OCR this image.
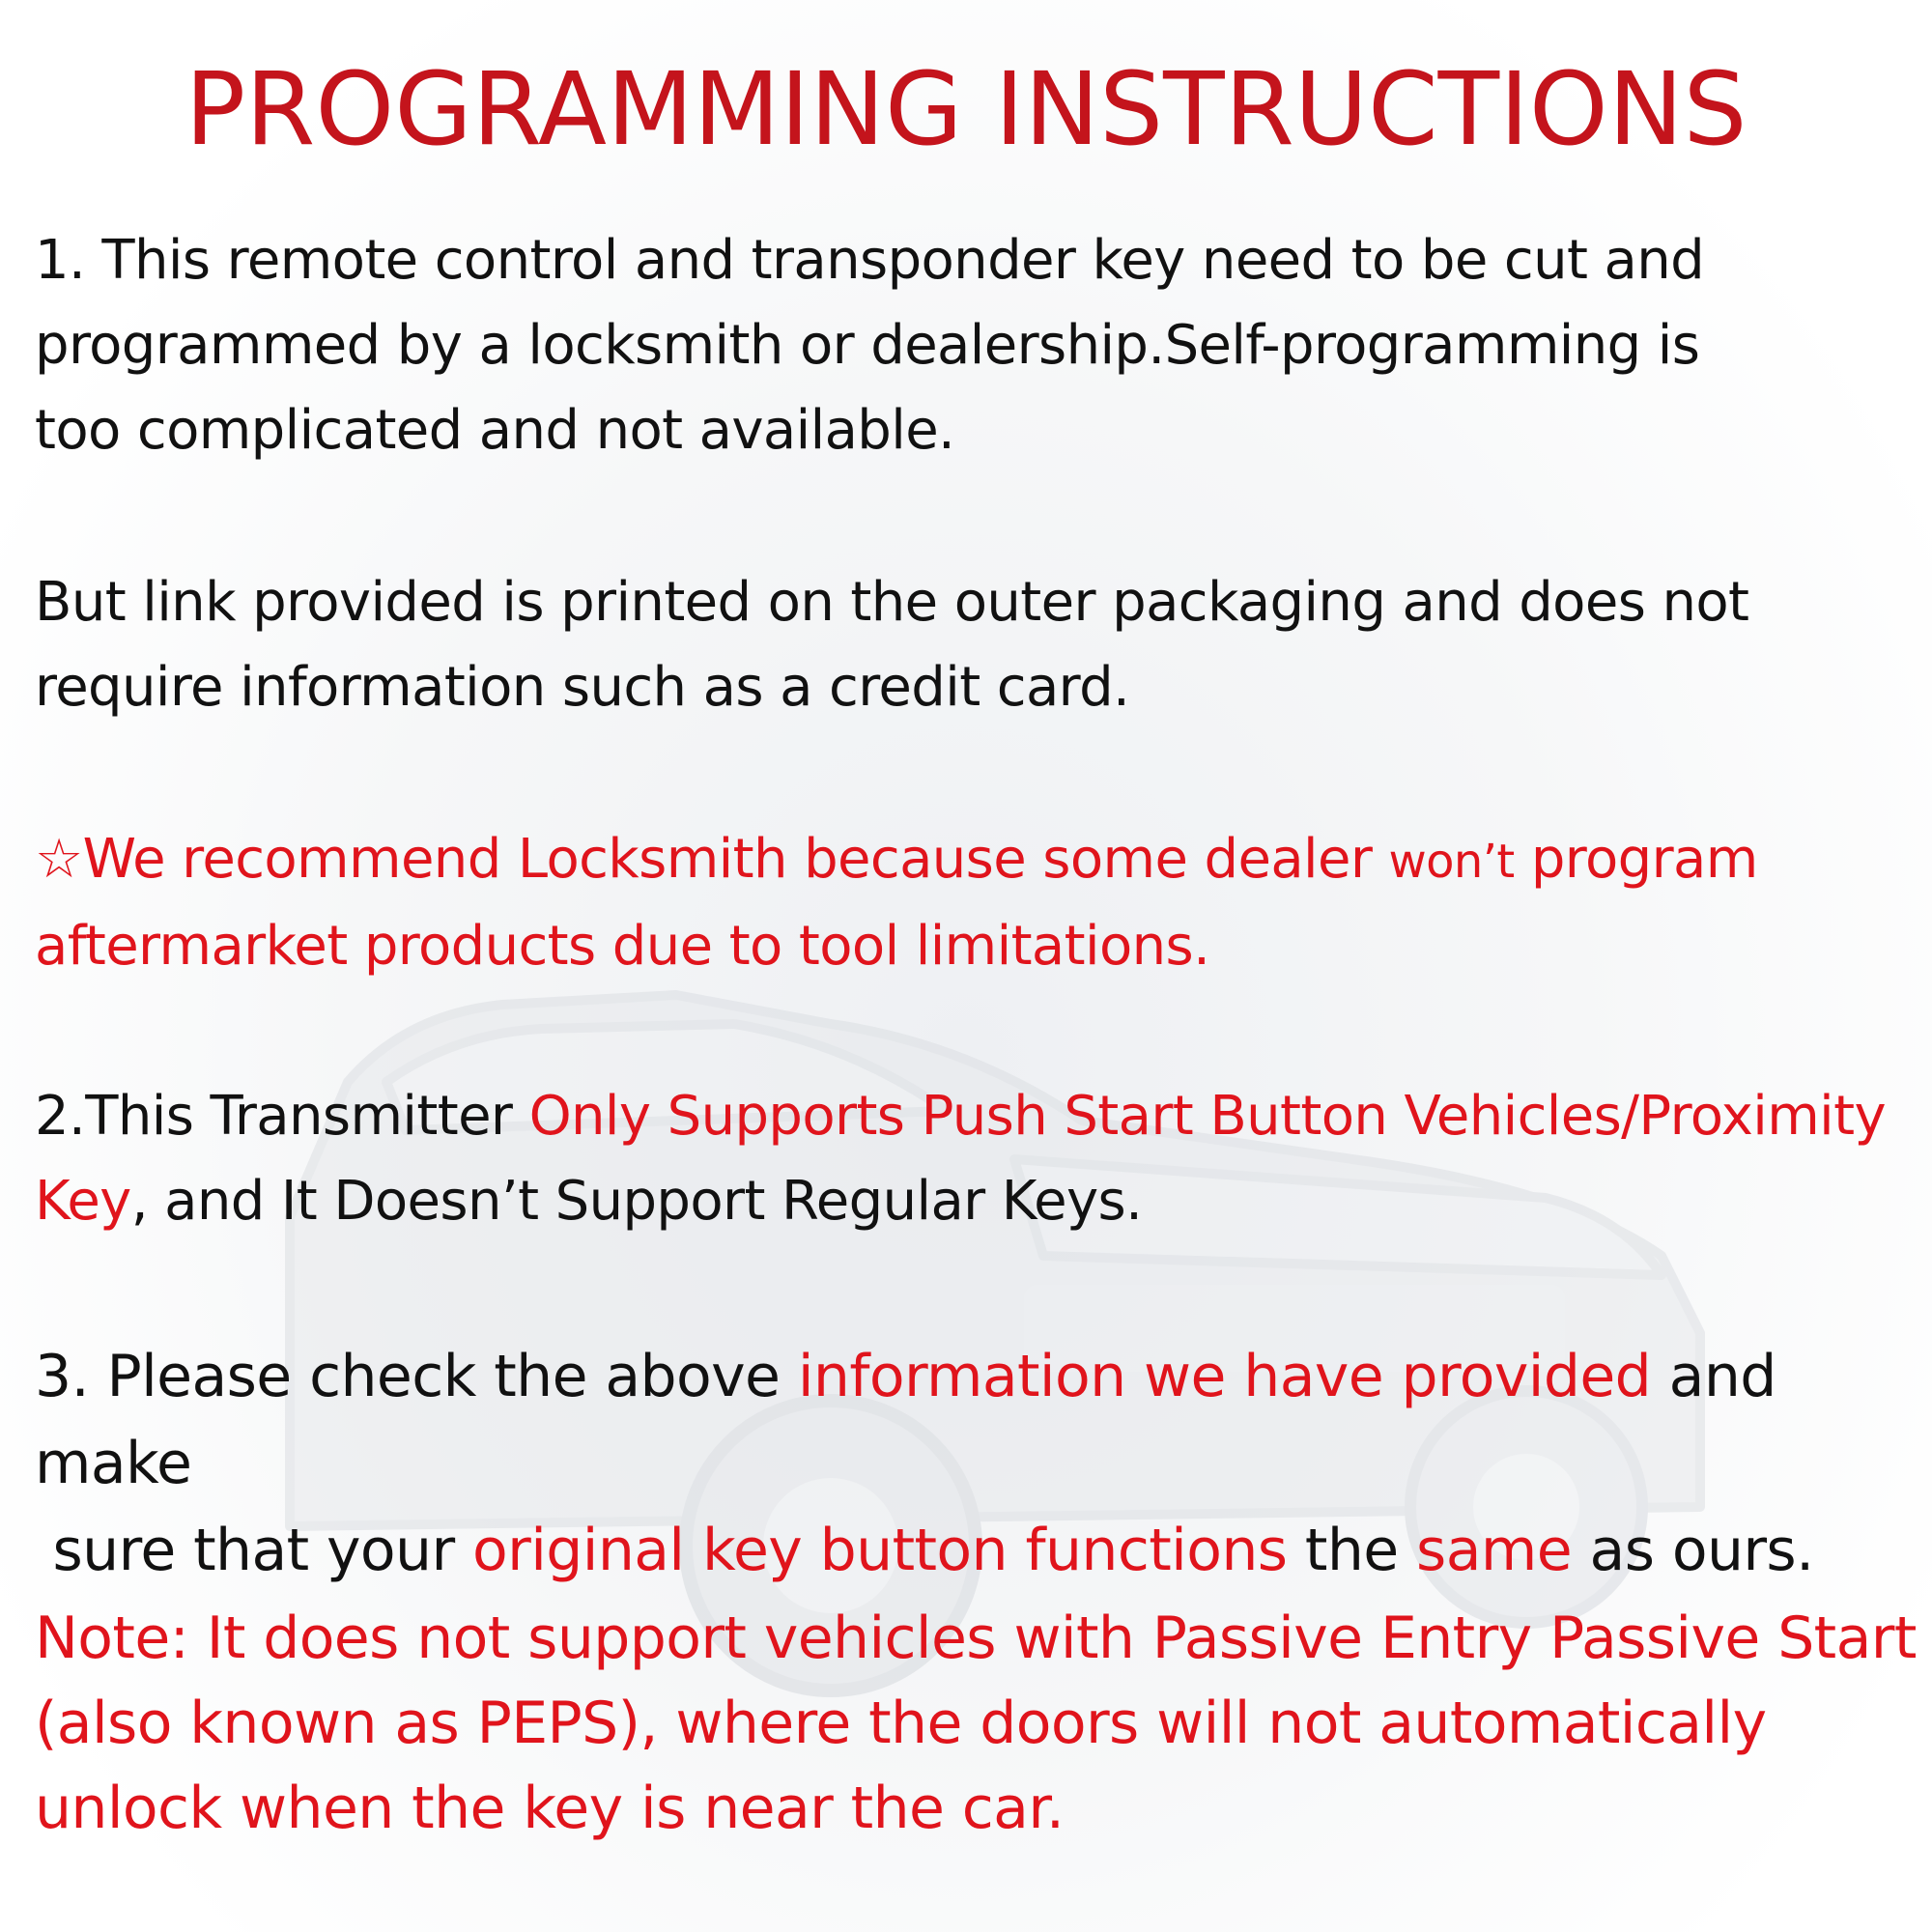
PROGRAMMING INSTRUCTIONS

1. This remote control and transponder key need to be cut and
programmed by a locksmith or dealership.Self-programming is
too complicated and not available.

But link provided is printed on the outer packaging and does not
require information such as a credit card.

☆We recommend Locksmith because some dealer won’t program
aftermarket products due to tool limitations.

2.This Transmitter Only Supports Push Start Button Vehicles/Proximity
Key, and It Doesn’t Support Regular Keys.

3. Please check the above information we have provided and make
sure that your original key button functions the same as ours.

Note: It does not support vehicles with Passive Entry Passive Start
(also known as PEPS), where the doors will not automatically
unlock when the key is near the car.
